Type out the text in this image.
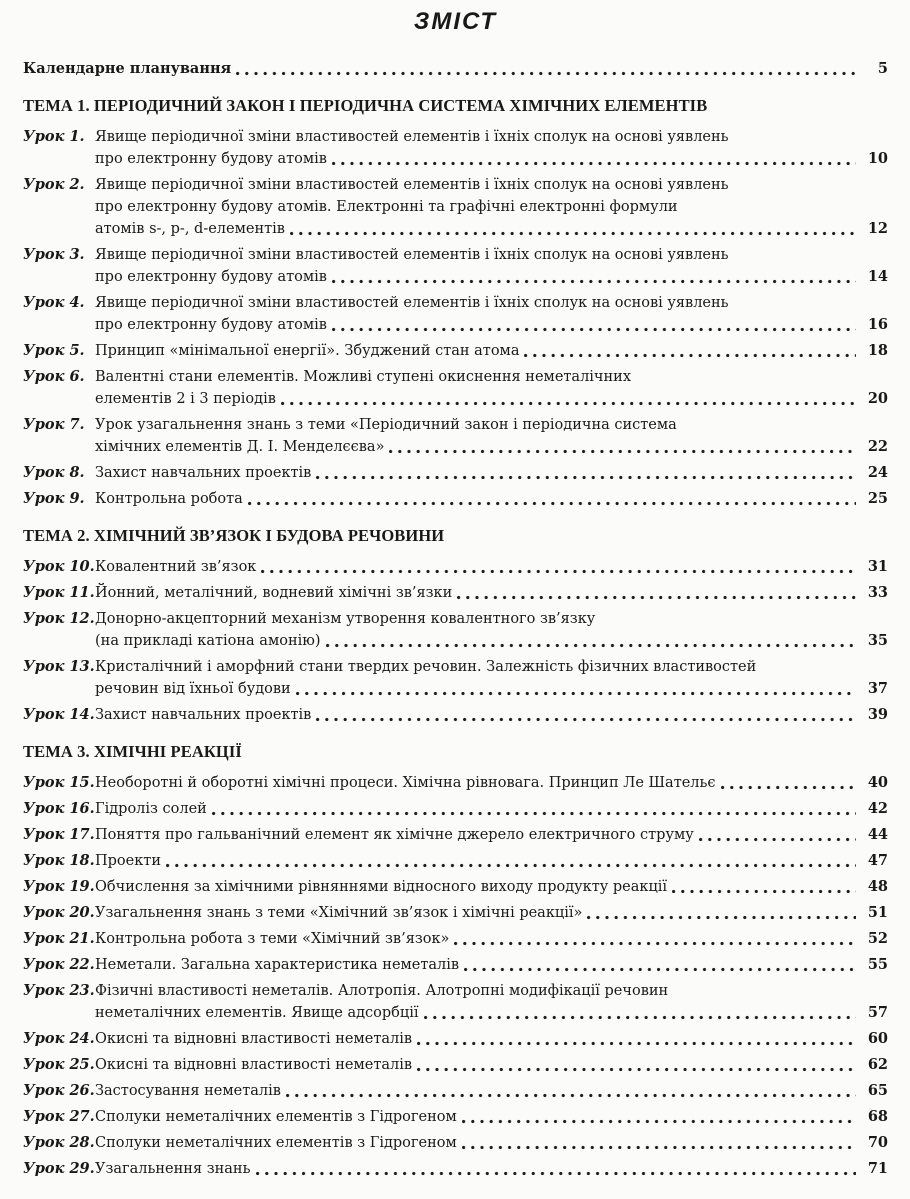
ЗМІСТ
Календарне планування	5
ТЕМА 1. ПЕРІОДИЧНИЙ ЗАКОН І ПЕРІОДИЧНА СИСТЕМА ХІМІЧНИХ ЕЛЕМЕНТІВ
Урок 1. Явище періодичної зміни властивостей елементів і їхніх сполук на основі уявлень
про електронну будову атомів	10
Урок 2. Явище періодичної зміни властивостей елементів і їхніх сполук на основі уявлень
про електронну будову атомів. Електронні та графічні електронні формули
атомів s-, p-, d-елементів	12
Урок 3. Явище періодичної зміни властивостей елементів і їхніх сполук на основі уявлень
про електронну будову атомів	14
Урок 4. Явище періодичної зміни властивостей елементів і їхніх сполук на основі уявлень
про електронну будову атомів	16
Урок 5. Принцип «мінімальної енергії». Збуджений стан атома	18
Урок 6. Валентні стани елементів. Можливі ступені окиснення неметалічних
елементів 2 і 3 періодів	20
Урок 7. Урок узагальнення знань з теми «Періодичний закон і періодична система
хімічних елементів Д. І. Менделєєва»	22
Урок 8. Захист навчальних проектів	24
Урок 9. Контрольна робота	25
ТЕМА 2. ХІМІЧНИЙ ЗВ’ЯЗОК І БУДОВА РЕЧОВИНИ
Урок 10. Ковалентний зв’язок	31
Урок 11. Йонний, металічний, водневий хімічні зв’язки	33
Урок 12. Донорно-акцепторний механізм утворення ковалентного зв’язку
(на прикладі катіона амонію)	35
Урок 13. Кристалічний і аморфний стани твердих речовин. Залежність фізичних властивостей
речовин від їхньої будови	37
Урок 14. Захист навчальних проектів	39
ТЕМА 3. ХІМІЧНІ РЕАКЦІЇ
Урок 15. Необоротні й оборотні хімічні процеси. Хімічна рівновага. Принцип Ле Шательє	40
Урок 16. Гідроліз солей	42
Урок 17. Поняття про гальванічний елемент як хімічне джерело електричного струму	44
Урок 18. Проекти	47
Урок 19. Обчислення за хімічними рівняннями відносного виходу продукту реакції	48
Урок 20. Узагальнення знань з теми «Хімічний зв’язок і хімічні реакції»	51
Урок 21. Контрольна робота з теми «Хімічний зв’язок»	52
Урок 22. Неметали. Загальна характеристика неметалів	55
Урок 23. Фізичні властивості неметалів. Алотропія. Алотропні модифікації речовин
неметалічних елементів. Явище адсорбції	57
Урок 24. Окисні та відновні властивості неметалів	60
Урок 25. Окисні та відновні властивості неметалів	62
Урок 26. Застосування неметалів	65
Урок 27. Сполуки неметалічних елементів з Гідрогеном	68
Урок 28. Сполуки неметалічних елементів з Гідрогеном	70
Урок 29. Узагальнення знань	71
